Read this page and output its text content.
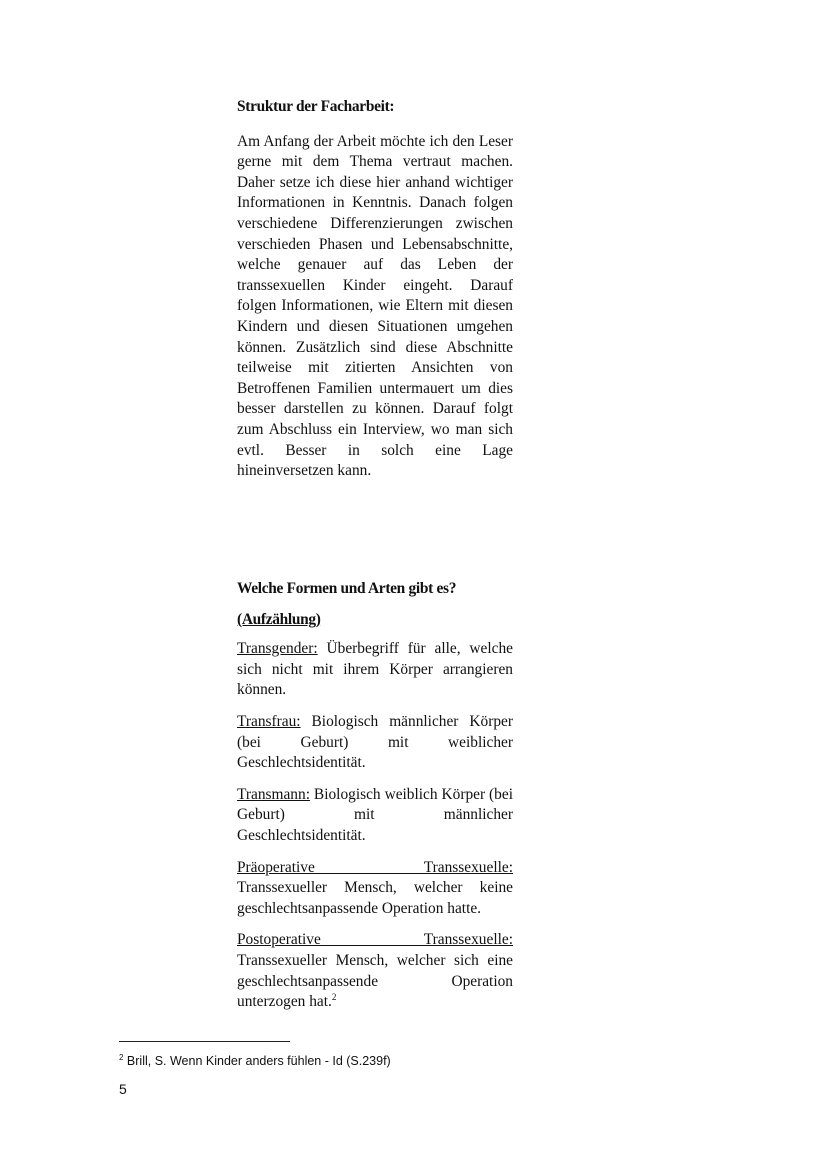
Struktur der Facharbeit:

Am Anfang der Arbeit möchte ich den Leser gerne mit dem Thema vertraut machen. Daher setze ich diese hier anhand wichtiger Informationen in Kenntnis. Danach folgen verschiedene Differenzierungen zwischen verschieden Phasen und Lebensabschnitte, welche genauer auf das Leben der transsexuellen Kinder eingeht. Darauf folgen Informationen, wie Eltern mit diesen Kindern und diesen Situationen umgehen können. Zusätzlich sind diese Abschnitte teilweise mit zitierten Ansichten von Betroffenen Familien untermauert um dies besser darstellen zu können. Darauf folgt zum Abschluss ein Interview, wo man sich evtl. Besser in solch eine Lage hineinversetzen kann.

Welche Formen und Arten gibt es?

(Aufzählung)

Transgender: Überbegriff für alle, welche sich nicht mit ihrem Körper arrangieren können.

Transfrau: Biologisch männlicher Körper (bei Geburt) mit weiblicher Geschlechtsidentität.

Transmann: Biologisch weiblich Körper (bei Geburt) mit männlicher Geschlechtsidentität.

Präoperative Transsexuelle:
Transsexueller Mensch, welcher keine geschlechtsanpassende Operation hatte.

Postoperative Transsexuelle:
Transsexueller Mensch, welcher sich eine geschlechtsanpassende Operation unterzogen hat.$^2$

$^2$ Brill, S. Wenn Kinder anders fühlen - Id (S.239f)
5
